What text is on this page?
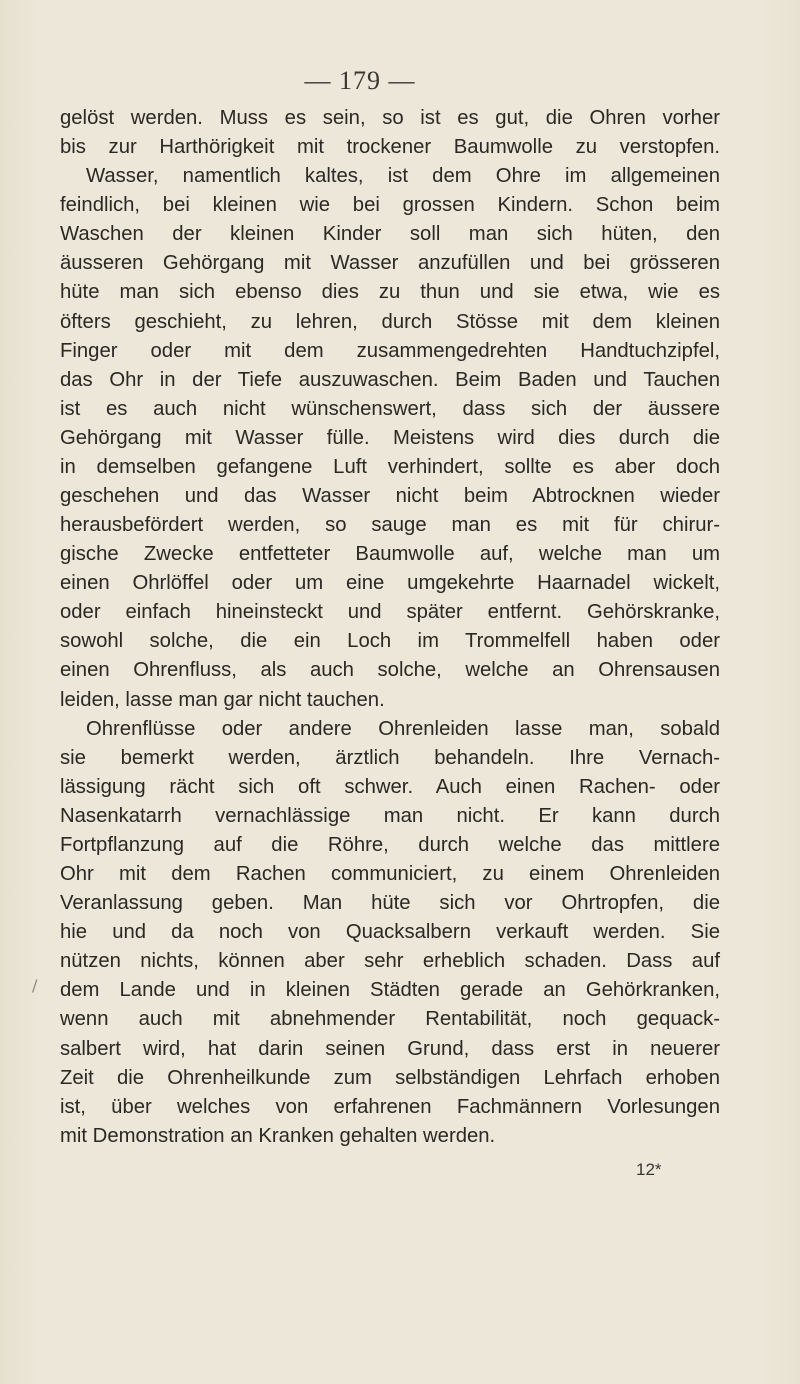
— 179 —
/
gelöst werden. Muss es sein, so ist es gut, die Ohren vorher
bis zur Harthörigkeit mit trockener Baumwolle zu verstopfen.
Wasser, namentlich kaltes, ist dem Ohre im allgemeinen
feindlich, bei kleinen wie bei grossen Kindern. Schon beim
Waschen der kleinen Kinder soll man sich hüten, den
äusseren Gehörgang mit Wasser anzufüllen und bei grösseren
hüte man sich ebenso dies zu thun und sie etwa, wie es
öfters geschieht, zu lehren, durch Stösse mit dem kleinen
Finger oder mit dem zusammengedrehten Handtuchzipfel,
das Ohr in der Tiefe auszuwaschen. Beim Baden und Tauchen
ist es auch nicht wünschenswert, dass sich der äussere
Gehörgang mit Wasser fülle. Meistens wird dies durch die
in demselben gefangene Luft verhindert, sollte es aber doch
geschehen und das Wasser nicht beim Abtrocknen wieder
herausbefördert werden, so sauge man es mit für chirur-
gische Zwecke entfetteter Baumwolle auf, welche man um
einen Ohrlöffel oder um eine umgekehrte Haarnadel wickelt,
oder einfach hineinsteckt und später entfernt. Gehörskranke,
sowohl solche, die ein Loch im Trommelfell haben oder
einen Ohrenfluss, als auch solche, welche an Ohrensausen
leiden, lasse man gar nicht tauchen.
Ohrenflüsse oder andere Ohrenleiden lasse man, sobald
sie bemerkt werden, ärztlich behandeln. Ihre Vernach-
lässigung rächt sich oft schwer. Auch einen Rachen- oder
Nasenkatarrh vernachlässige man nicht. Er kann durch
Fortpflanzung auf die Röhre, durch welche das mittlere
Ohr mit dem Rachen communiciert, zu einem Ohrenleiden
Veranlassung geben. Man hüte sich vor Ohrtropfen, die
hie und da noch von Quacksalbern verkauft werden. Sie
nützen nichts, können aber sehr erheblich schaden. Dass auf
dem Lande und in kleinen Städten gerade an Gehörkranken,
wenn auch mit abnehmender Rentabilität, noch gequack-
salbert wird, hat darin seinen Grund, dass erst in neuerer
Zeit die Ohrenheilkunde zum selbständigen Lehrfach erhoben
ist, über welches von erfahrenen Fachmännern Vorlesungen
mit Demonstration an Kranken gehalten werden.
12*
